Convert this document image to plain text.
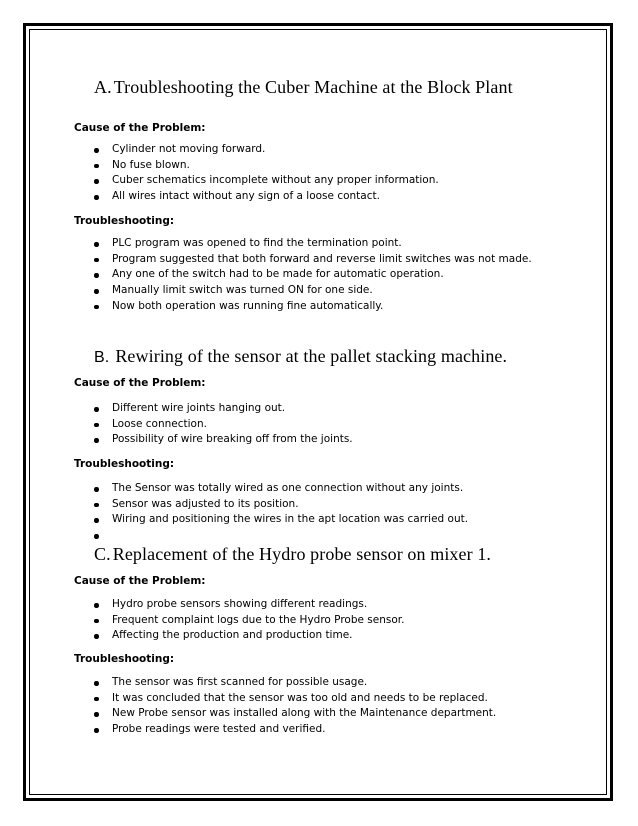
A. Troubleshooting the Cuber Machine at the Block Plant
Cause of the Problem:
Cylinder not moving forward.
No fuse blown.
Cuber schematics incomplete without any proper information.
All wires intact without any sign of a loose contact.
Troubleshooting:
PLC program was opened to find the termination point.
Program suggested that both forward and reverse limit switches was not made.
Any one of the switch had to be made for automatic operation.
Manually limit switch was turned ON for one side.
Now both operation was running fine automatically.
B. Rewiring of the sensor at the pallet stacking machine.
Cause of the Problem:
Different wire joints hanging out.
Loose connection.
Possibility of wire breaking off from the joints.
Troubleshooting:
The Sensor was totally wired as one connection without any joints.
Sensor was adjusted to its position.
Wiring and positioning the wires in the apt location was carried out.
C. Replacement of the Hydro probe sensor on mixer 1.
Cause of the Problem:
Hydro probe sensors showing different readings.
Frequent complaint logs due to the Hydro Probe sensor.
Affecting the production and production time.
Troubleshooting:
The sensor was first scanned for possible usage.
It was concluded that the sensor was too old and needs to be replaced.
New Probe sensor was installed along with the Maintenance department.
Probe readings were tested and verified.
